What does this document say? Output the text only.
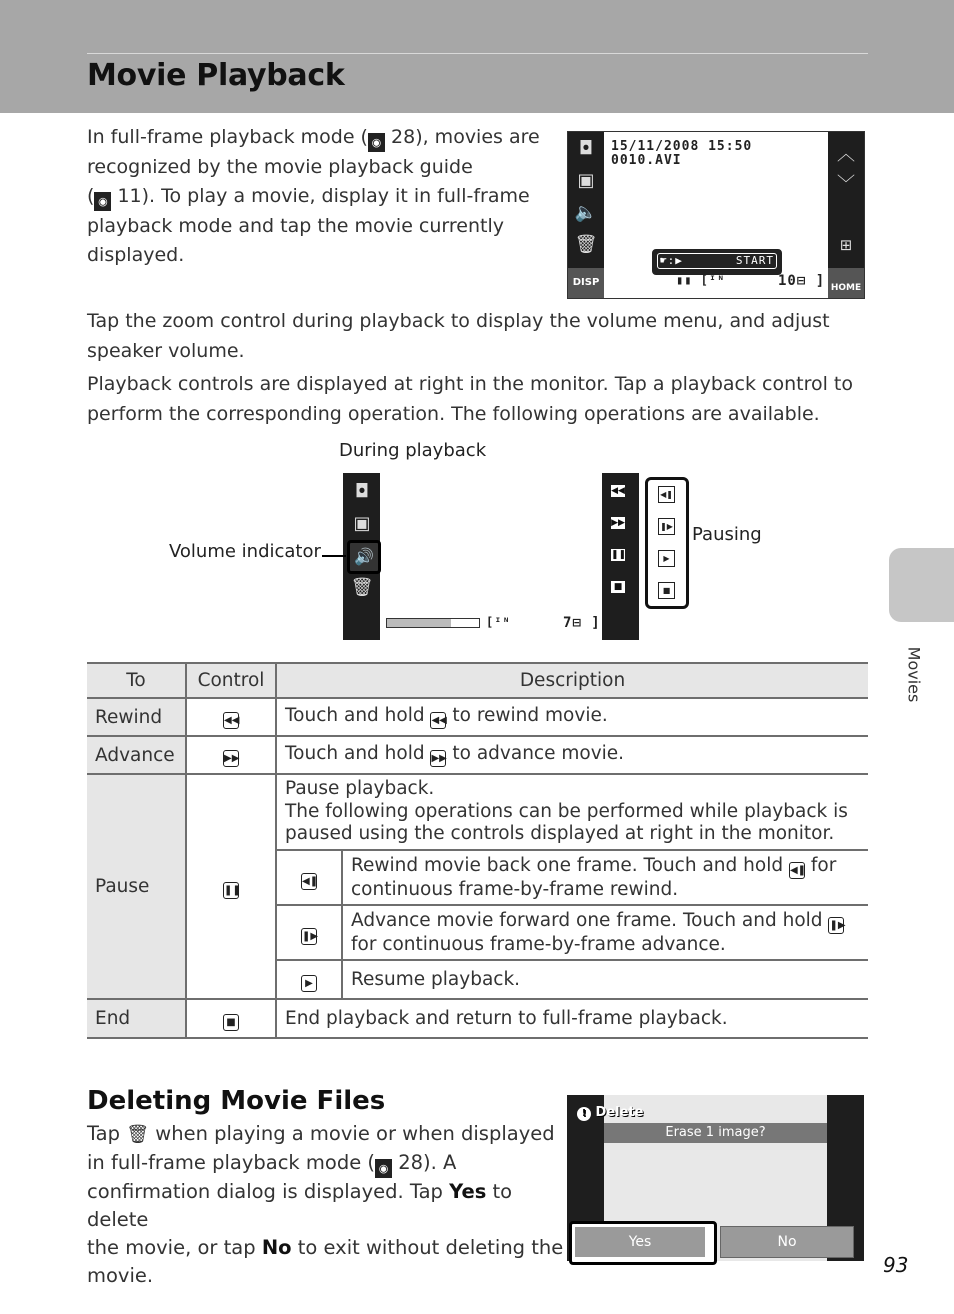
Movie Playback
Movies
In full-frame playback mode ( ◉ 28), movies are
recognized by the movie playback guide
( ◉ 11). To play a movie, display it in full-frame
playback mode and tap the movie currently
displayed.
◘
▣
🔈
🗑
DISP
︿
﹀
⊞
HOME
15/11/2008 15:50
0010.AVI
☛:▶	START
▮▮ [ᴵᴺ	10⊟ ]
Tap the zoom control during playback to display the volume menu, and adjust speaker volume.
Playback controls are displayed at right in the monitor. Tap a playback control to perform the corresponding operation. The following operations are available.
During playback
◘
▣
🔊
🗑
◀◀
▶▶
❚❚
■
[ᴵᴺ	7⊟ ]
Volume indicator
◀❚
❚▶
▶
■
Pausing
To	Control	Description	
Rewind	◀◀	Touch and hold ◀◀ to rewind movie.	
Advance	▶▶	Touch and hold ▶▶ to advance movie.	
Pause	❚❚	Pause playback.
The following operations can be performed while playback is paused using the controls displayed at right in the monitor.	

		◀❚	Rewind movie back one frame. Touch and hold ◀❚ for continuous frame-by-frame rewind.
		❚▶	Advance movie forward one frame. Touch and hold ❚▶ for continuous frame-by-frame advance.
		▶	Resume playback.
End	■	End playback and return to full-frame playback.	
Deleting Movie Files
Tap 🗑 when playing a movie or when displayed
in full-frame playback mode ( ◉ 28). A
confirmation dialog is displayed. Tap Yes to delete
the movie, or tap No to exit without deleting the
movie.
! Delete
Erase 1 image?
Yes	No
93
